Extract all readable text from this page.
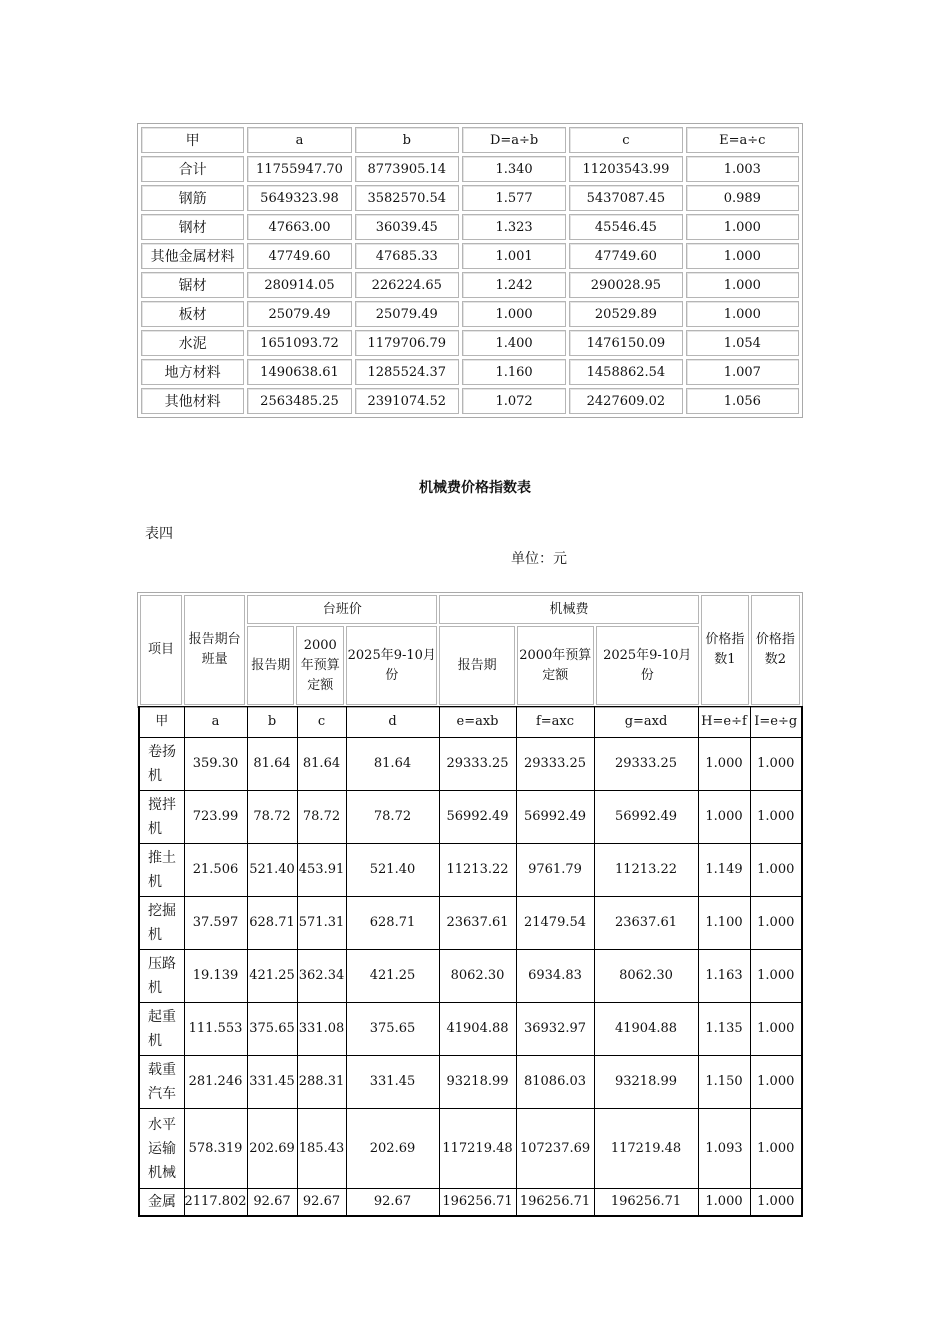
甲	a	b	D=a÷b	c	E=a÷c
合计	11755947.70	8773905.14	1.340	11203543.99	1.003
钢筋	5649323.98	3582570.54	1.577	5437087.45	0.989
钢材	47663.00	36039.45	1.323	45546.45	1.000
其他金属材料	47749.60	47685.33	1.001	47749.60	1.000
锯材	280914.05	226224.65	1.242	290028.95	1.000
板材	25079.49	25079.49	1.000	20529.89	1.000
水泥	1651093.72	1179706.79	1.400	1476150.09	1.054
地方材料	1490638.61	1285524.37	1.160	1458862.54	1.007
其他材料	2563485.25	2391074.52	1.072	2427609.02	1.056
机械费价格指数表
表四
单位：元
项目	报告期台班量	台班价			机械费			价格指数1	价格指数2
		报告期	2000年预算定额	2025年9-10月份	报告期	2000年预算定额	2025年9-10月份		
甲	a	b	c	d	e=axb	f=axc	g=axd	H=e÷f	I=e÷g
卷扬机	359.30	81.64	81.64	81.64	29333.25	29333.25	29333.25	1.000	1.000
搅拌机	723.99	78.72	78.72	78.72	56992.49	56992.49	56992.49	1.000	1.000
推土机	21.506	521.40	453.91	521.40	11213.22	9761.79	11213.22	1.149	1.000
挖掘机	37.597	628.71	571.31	628.71	23637.61	21479.54	23637.61	1.100	1.000
压路机	19.139	421.25	362.34	421.25	8062.30	6934.83	8062.30	1.163	1.000
起重机	111.553	375.65	331.08	375.65	41904.88	36932.97	41904.88	1.135	1.000
载重汽车	281.246	331.45	288.31	331.45	93218.99	81086.03	93218.99	1.150	1.000
水平运输机械	578.319	202.69	185.43	202.69	117219.48	107237.69	117219.48	1.093	1.000
金属	2117.802	92.67	92.67	92.67	196256.71	196256.71	196256.71	1.000	1.000
